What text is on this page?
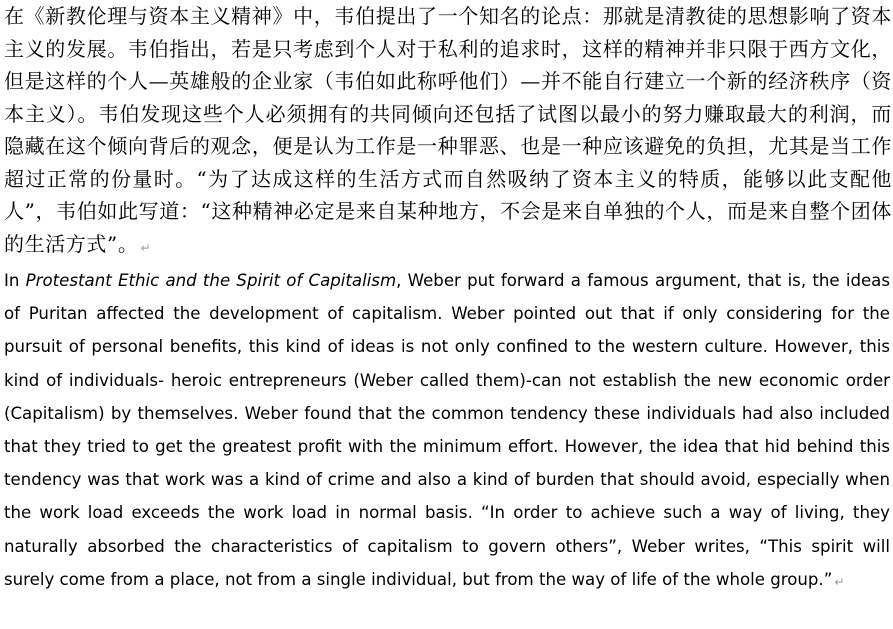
在《新教伦理与资本主义精神》中，韦伯提出了一个知名的论点：那就是清教徒的思想影响了资本主义的发展。韦伯指出，若是只考虑到个人对于私利的追求时，这样的精神并非只限于西方文化，但是这样的个人—英雄般的企业家（韦伯如此称呼他们）—并不能自行建立一个新的经济秩序（资本主义）。韦伯发现这些个人必须拥有的共同倾向还包括了试图以最小的努力赚取最大的利润，而隐藏在这个倾向背后的观念，便是认为工作是一种罪恶、也是一种应该避免的负担，尤其是当工作超过正常的份量时。“为了达成这样的生活方式而自然吸纳了资本主义的特质，能够以此支配他人”，韦伯如此写道：“这种精神必定是来自某种地方，不会是来自单独的个人，而是来自整个团体的生活方式”。 ↵

In Protestant Ethic and the Spirit of Capitalism, Weber put forward a famous argument, that is, the ideas of Puritan affected the development of capitalism. Weber pointed out that if only considering for the pursuit of personal benefits, this kind of ideas is not only confined to the western culture. However, this kind of individuals- heroic entrepreneurs (Weber called them)-can not establish the new economic order (Capitalism) by themselves. Weber found that the common tendency these individuals had also included that they tried to get the greatest profit with the minimum effort. However, the idea that hid behind this tendency was that work was a kind of crime and also a kind of burden that should avoid, especially when the work load exceeds the work load in normal basis. “In order to achieve such a way of living, they naturally absorbed the characteristics of capitalism to govern others”, Weber writes, “This spirit will surely come from a place, not from a single individual, but from the way of life of the whole group.” ↵
